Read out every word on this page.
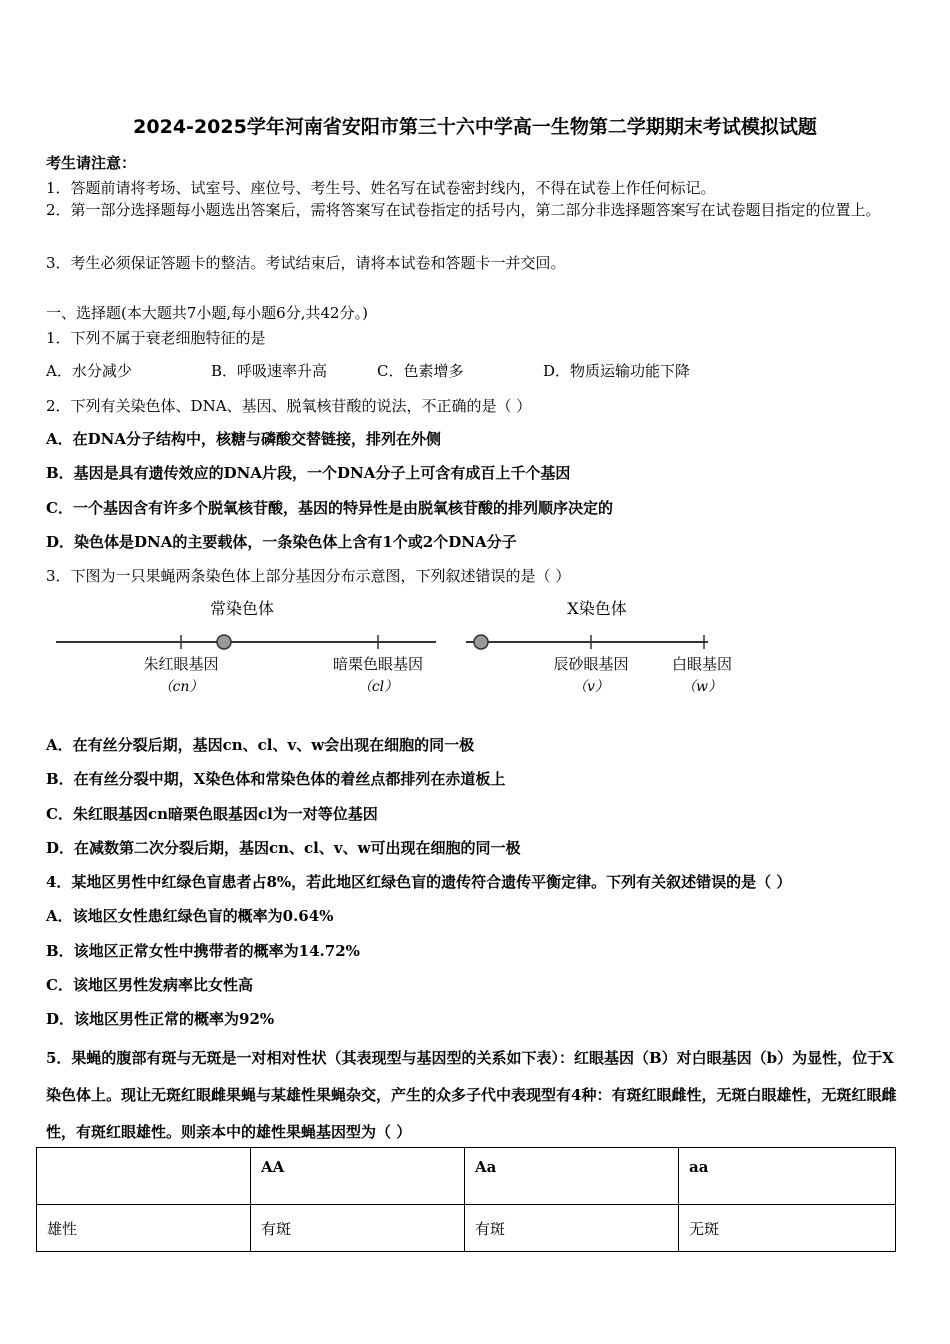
2024-2025学年河南省安阳市第三十六中学高一生物第二学期期末考试模拟试题
考生请注意：
1．答题前请将考场、试室号、座位号、考生号、姓名写在试卷密封线内，不得在试卷上作任何标记。
2．第一部分选择题每小题选出答案后，需将答案写在试卷指定的括号内，第二部分非选择题答案写在试卷题目指定的位置上。
3．考生必须保证答题卡的整洁。考试结束后，请将本试卷和答题卡一并交回。
一、选择题(本大题共7小题,每小题6分,共42分。)
1．下列不属于衰老细胞特征的是
A．水分减少	B．呼吸速率升高	C．色素增多	D．物质运输功能下降
2．下列有关染色体、DNA、基因、脱氧核苷酸的说法，不正确的是（ ）
A．在DNA分子结构中，核糖与磷酸交替链接，排列在外侧
B．基因是具有遗传效应的DNA片段，一个DNA分子上可含有成百上千个基因
C．一个基因含有许多个脱氧核苷酸，基因的特异性是由脱氧核苷酸的排列顺序决定的
D．染色体是DNA的主要载体，一条染色体上含有1个或2个DNA分子
3．下图为一只果蝇两条染色体上部分基因分布示意图，下列叙述错误的是（ ）
常染色体	X染色体
朱红眼基因
（cn）
暗栗色眼基因
（cl）
辰砂眼基因
（v）
白眼基因
（w）
A．在有丝分裂后期，基因cn、cl、v、w会出现在细胞的同一极
B．在有丝分裂中期，X染色体和常染色体的着丝点都排列在赤道板上
C．朱红眼基因cn暗栗色眼基因cl为一对等位基因
D．在减数第二次分裂后期，基因cn、cl、v、w可出现在细胞的同一极
4．某地区男性中红绿色盲患者占8%，若此地区红绿色盲的遗传符合遗传平衡定律。下列有关叙述错误的是（ ）
A．该地区女性患红绿色盲的概率为0.64%
B．该地区正常女性中携带者的概率为14.72%
C．该地区男性发病率比女性高
D．该地区男性正常的概率为92%
5．果蝇的腹部有斑与无斑是一对相对性状（其表现型与基因型的关系如下表）：红眼基因（B）对白眼基因（b）为显性，位于X染色体上。现让无斑红眼雌果蝇与某雄性果蝇杂交，产生的众多子代中表现型有4种：有斑红眼雌性，无斑白眼雄性，无斑红眼雌性，有斑红眼雄性。则亲本中的雄性果蝇基因型为（ ）
	AA	Aa	aa
雄性	有斑	有斑	无斑
